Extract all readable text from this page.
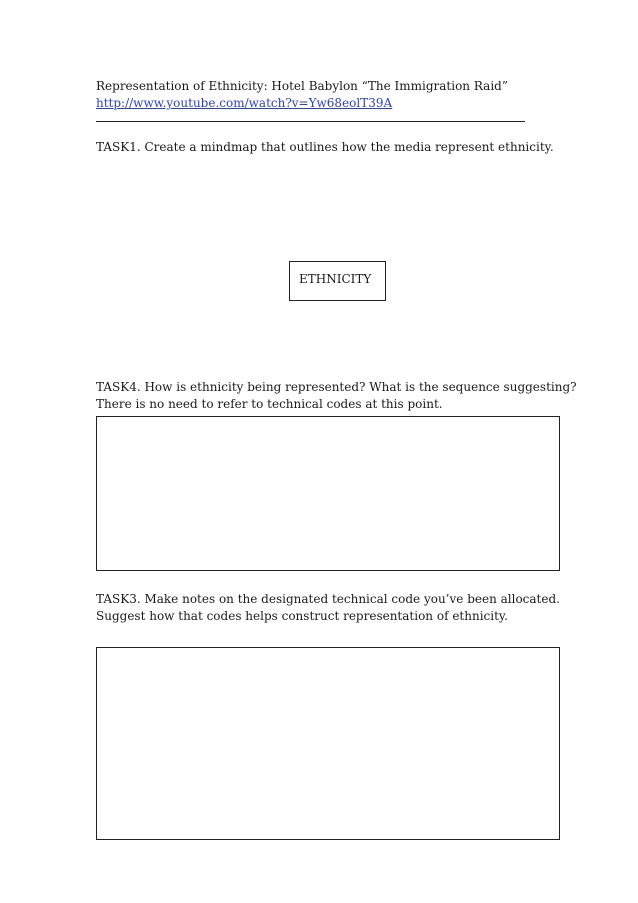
Representation of Ethnicity: Hotel Babylon “The Immigration Raid”
http://www.youtube.com/watch?v=Yw68eolT39A
TASK1. Create a mindmap that outlines how the media represent ethnicity.
ETHNICITY
TASK4. How is ethnicity being represented? What is the sequence suggesting?
There is no need to refer to technical codes at this point.
TASK3. Make notes on the designated technical code you’ve been allocated.
Suggest how that codes helps construct representation of ethnicity.
